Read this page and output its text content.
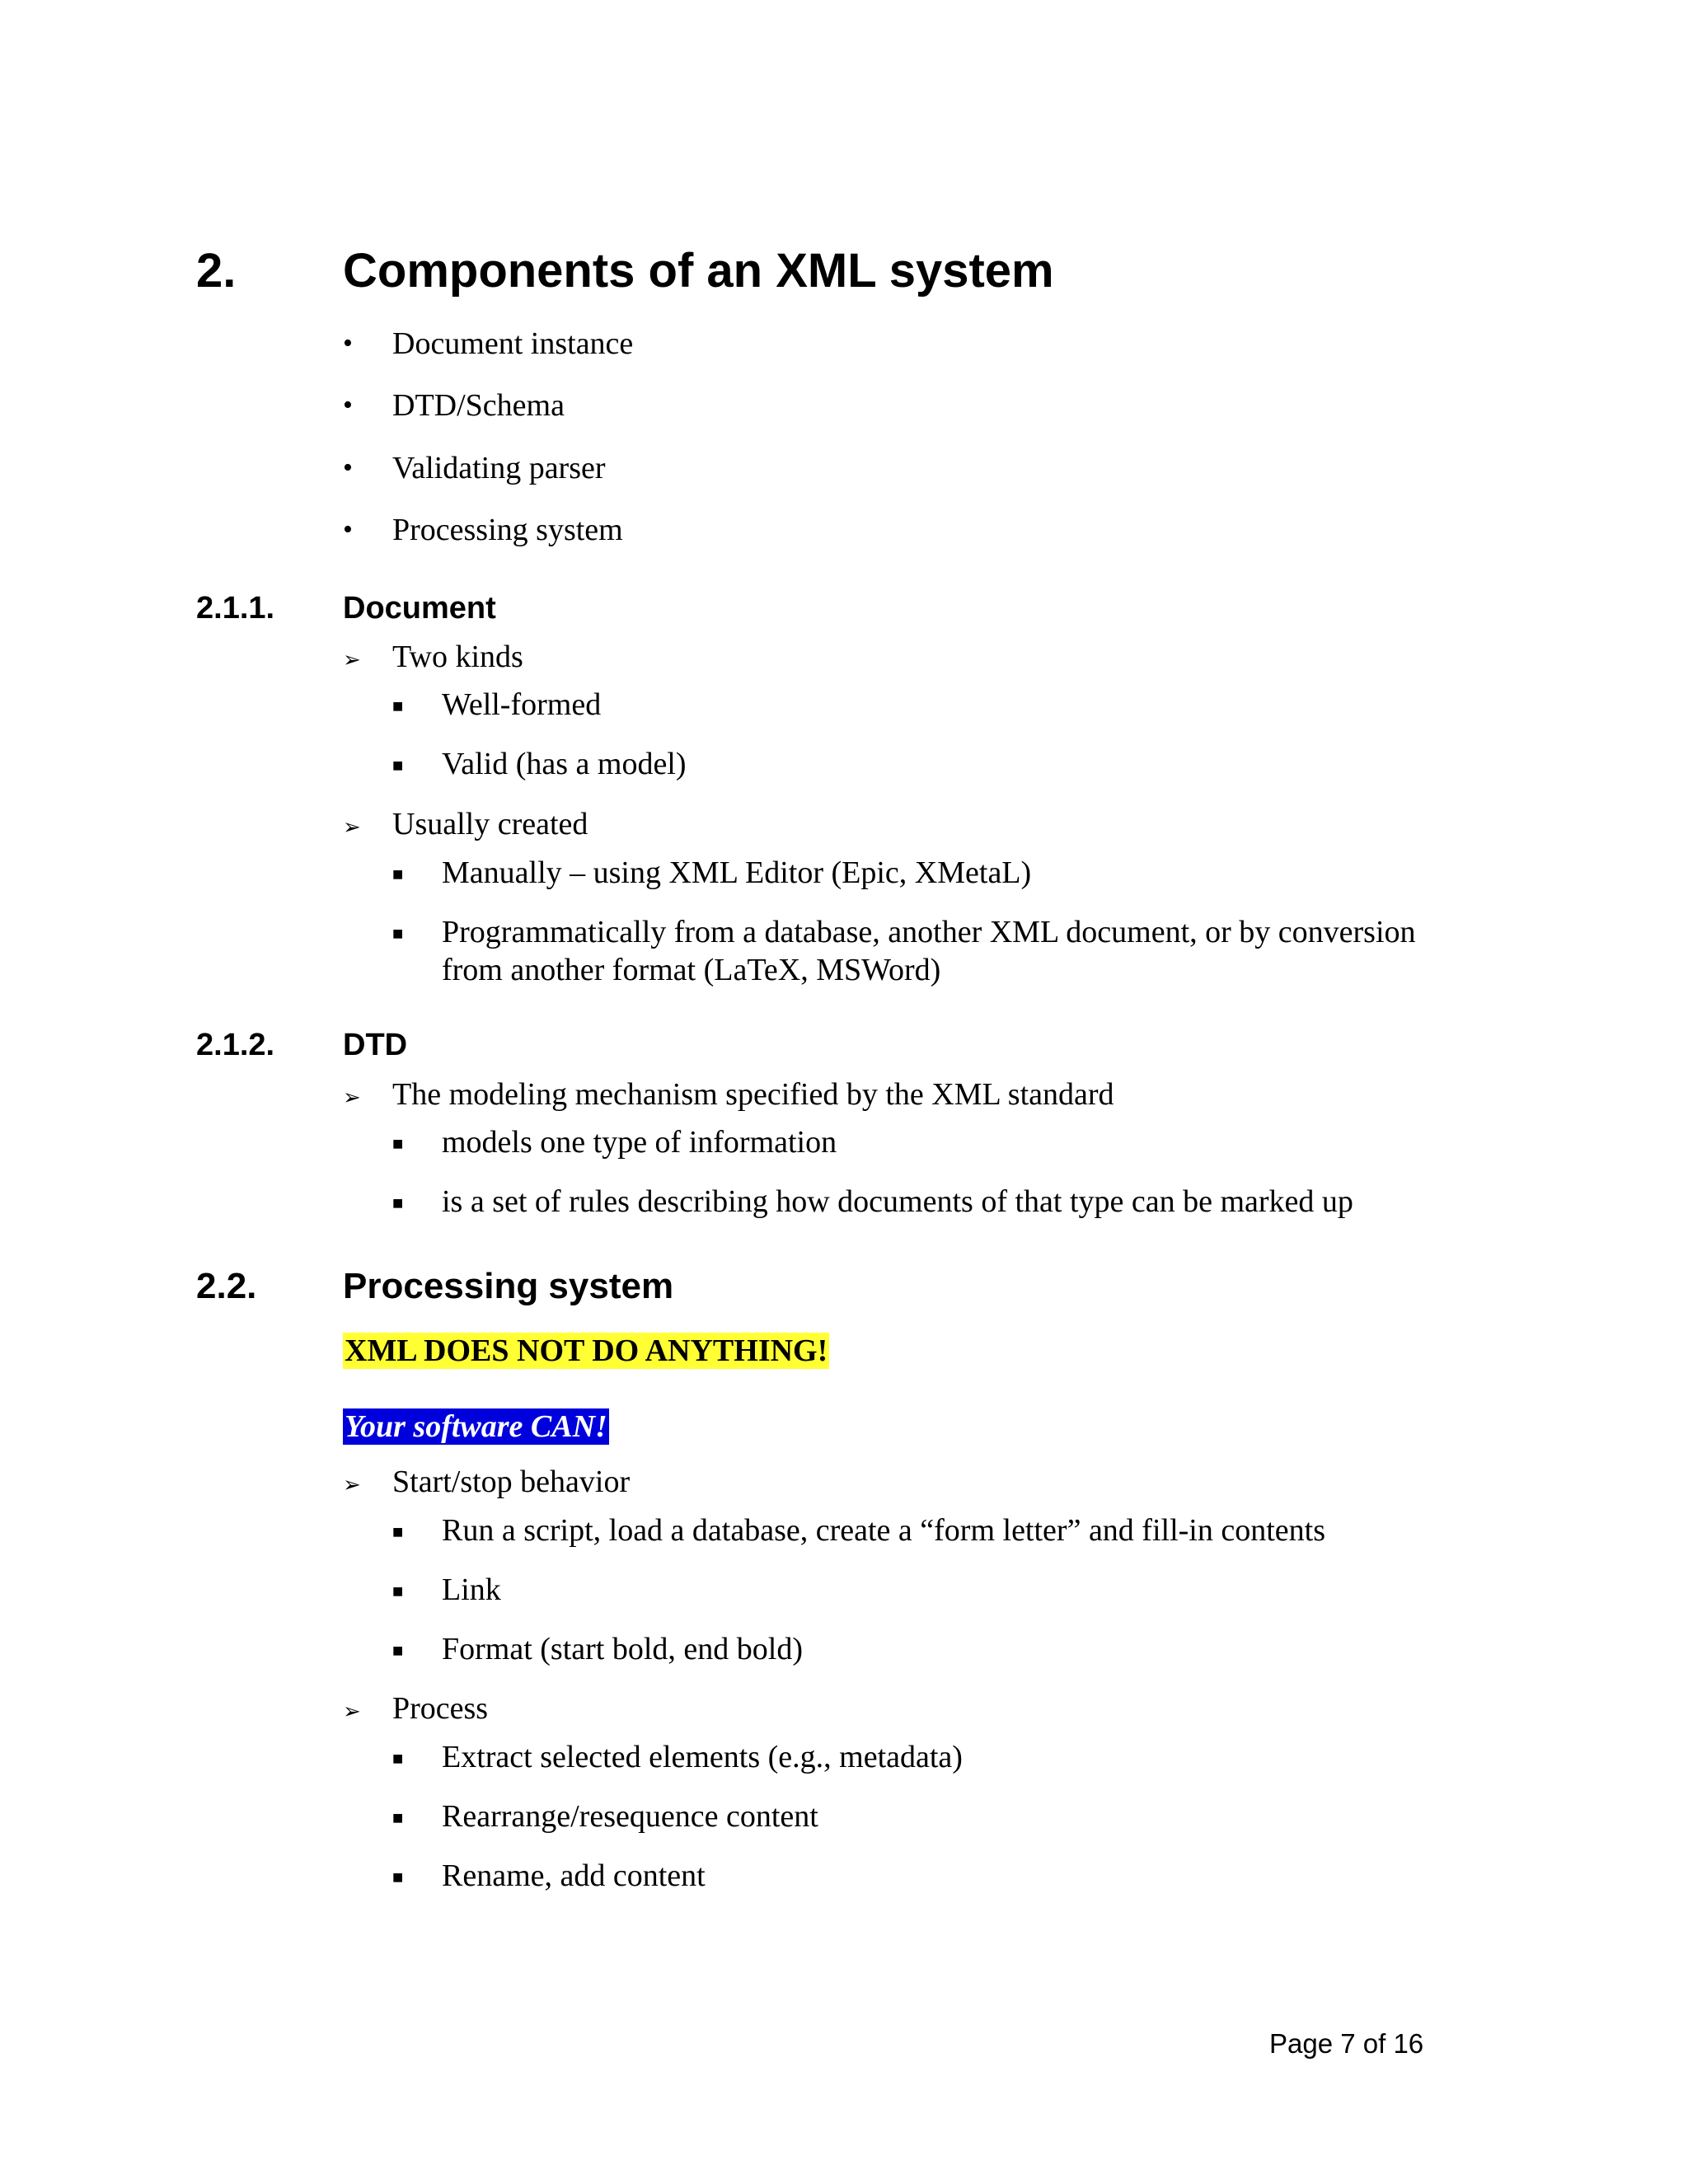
2. Components of an XML system
•	Document instance
•	DTD/Schema
•	Validating parser
•	Processing system
2.1.1. Document
➢	Two kinds
■	Well-formed
■	Valid (has a model)
➢	Usually created
■	Manually – using XML Editor (Epic, XMetaL)
■	Programmatically from a database, another XML document, or by conversion
from another format (LaTeX, MSWord)
2.1.2. DTD
➢	The modeling mechanism specified by the XML standard
■	models one type of information
■	is a set of rules describing how documents of that type can be marked up
2.2. Processing system
XML DOES NOT DO ANYTHING!
Your software CAN!
➢	Start/stop behavior
■	Run a script, load a database, create a “form letter” and fill-in contents
■	Link
■	Format (start bold, end bold)
➢	Process
■	Extract selected elements (e.g., metadata)
■	Rearrange/resequence content
■	Rename, add content
Page 7 of 16
